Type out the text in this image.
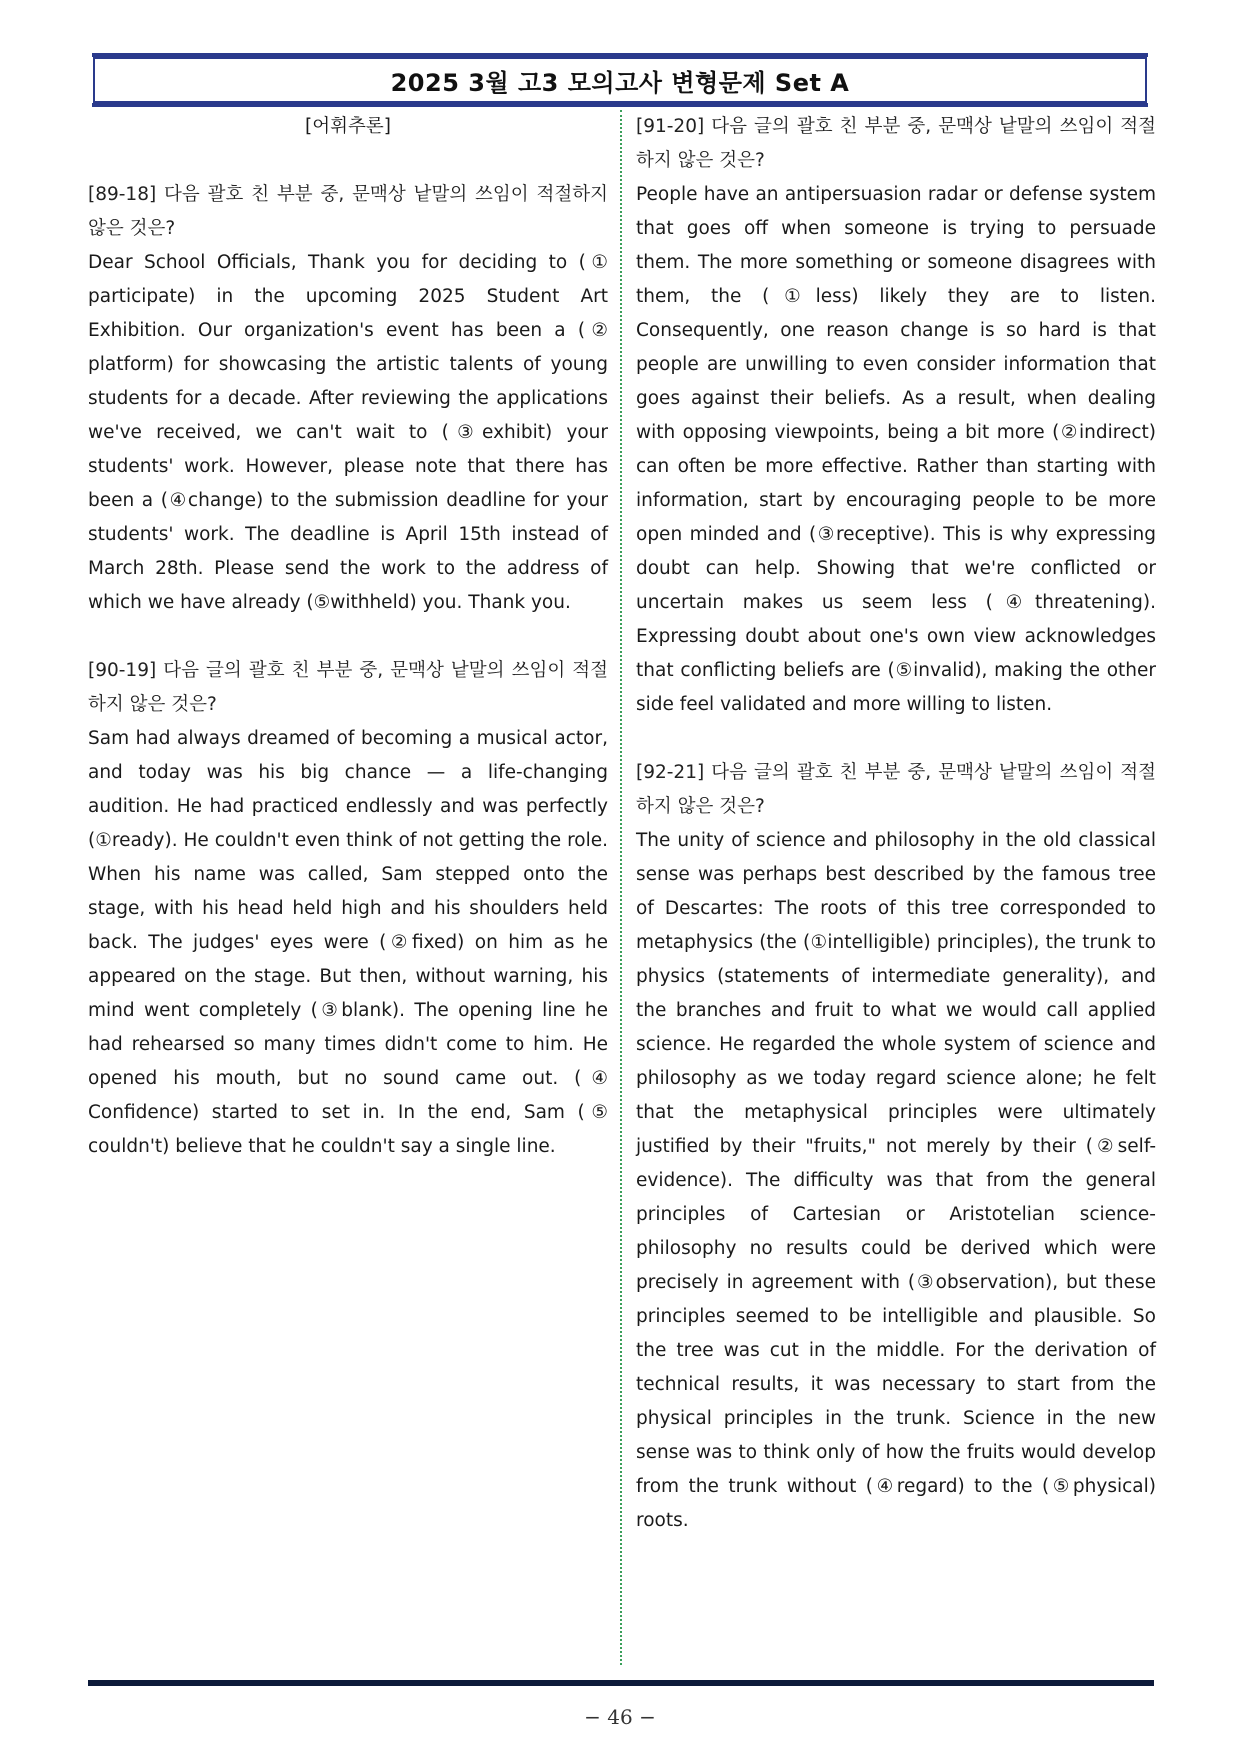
2025 3월 고3 모의고사 변형문제 Set A

[어휘추론]

[89-18] 다음 괄호 친 부분 중, 문맥상 낱말의 쓰임이 적절하지 않은 것은?

Dear School Officials, Thank you for deciding to (① participate) in the upcoming 2025 Student Art Exhibition. Our organization's event has been a (② platform) for showcasing the artistic talents of young students for a decade. After reviewing the applications we've received, we can't wait to (③exhibit) your students' work. However, please note that there has been a (④change) to the submission deadline for your students' work. The deadline is April 15th instead of March 28th. Please send the work to the address of which we have already (⑤withheld) you. Thank you.

[90-19] 다음 글의 괄호 친 부분 중, 문맥상 낱말의 쓰임이 적절하지 않은 것은?

Sam had always dreamed of becoming a musical actor, and today was his big chance — a life-changing audition. He had practiced endlessly and was perfectly (①ready). He couldn't even think of not getting the role. When his name was called, Sam stepped onto the stage, with his head held high and his shoulders held back. The judges' eyes were (②fixed) on him as he appeared on the stage. But then, without warning, his mind went completely (③blank). The opening line he had rehearsed so many times didn't come to him. He opened his mouth, but no sound came out. (④ Confidence) started to set in. In the end, Sam (⑤ couldn't) believe that he couldn't say a single line.

[91-20] 다음 글의 괄호 친 부분 중, 문맥상 낱말의 쓰임이 적절하지 않은 것은?

People have an antipersuasion radar or defense system that goes off when someone is trying to persuade them. The more something or someone disagrees with them, the (①less) likely they are to listen. Consequently, one reason change is so hard is that people are unwilling to even consider information that goes against their beliefs. As a result, when dealing with opposing viewpoints, being a bit more (②indirect) can often be more effective. Rather than starting with information, start by encouraging people to be more open minded and (③receptive). This is why expressing doubt can help. Showing that we're conflicted or uncertain makes us seem less (④threatening). Expressing doubt about one's own view acknowledges that conflicting beliefs are (⑤invalid), making the other side feel validated and more willing to listen.

[92-21] 다음 글의 괄호 친 부분 중, 문맥상 낱말의 쓰임이 적절하지 않은 것은?

The unity of science and philosophy in the old classical sense was perhaps best described by the famous tree of Descartes: The roots of this tree corresponded to metaphysics (the (①intelligible) principles), the trunk to physics (statements of intermediate generality), and the branches and fruit to what we would call applied science. He regarded the whole system of science and philosophy as we today regard science alone; he felt that the metaphysical principles were ultimately justified by their "fruits," not merely by their (②self-evidence). The difficulty was that from the general principles of Cartesian or Aristotelian science-philosophy no results could be derived which were precisely in agreement with (③observation), but these principles seemed to be intelligible and plausible. So the tree was cut in the middle. For the derivation of technical results, it was necessary to start from the physical principles in the trunk. Science in the new sense was to think only of how the fruits would develop from the trunk without (④regard) to the (⑤physical) roots.

− 46 −
